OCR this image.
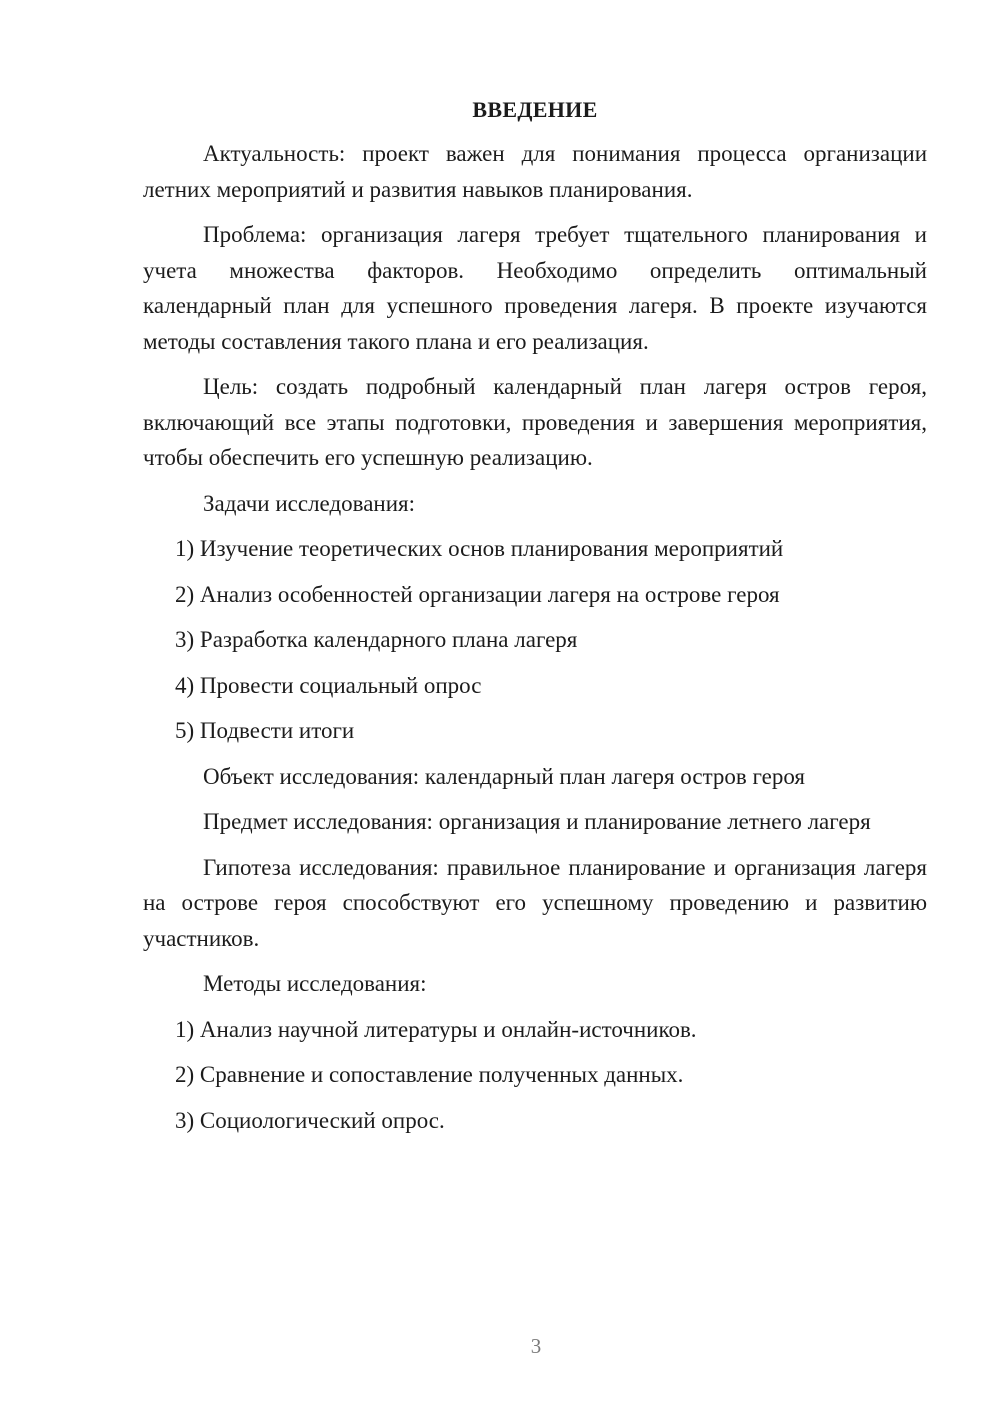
ВВЕДЕНИЕ

Актуальность: проект важен для понимания процесса организации летних мероприятий и развития навыков планирования.

Проблема: организация лагеря требует тщательного планирования и учета множества факторов. Необходимо определить оптимальный календарный план для успешного проведения лагеря. В проекте изучаются методы составления такого плана и его реализация.

Цель: создать подробный календарный план лагеря остров героя, включающий все этапы подготовки, проведения и завершения мероприятия, чтобы обеспечить его успешную реализацию.

Задачи исследования:

1) Изучение теоретических основ планирования мероприятий
2) Анализ особенностей организации лагеря на острове героя
3) Разработка календарного плана лагеря
4) Провести социальный опрос
5) Подвести итоги

Объект исследования: календарный план лагеря остров героя

Предмет исследования: организация и планирование летнего лагеря

Гипотеза исследования: правильное планирование и организация лагеря на острове героя способствуют его успешному проведению и развитию участников.

Методы исследования:

1) Анализ научной литературы и онлайн-источников.
2) Сравнение и сопоставление полученных данных.
3) Социологический опрос.
3
